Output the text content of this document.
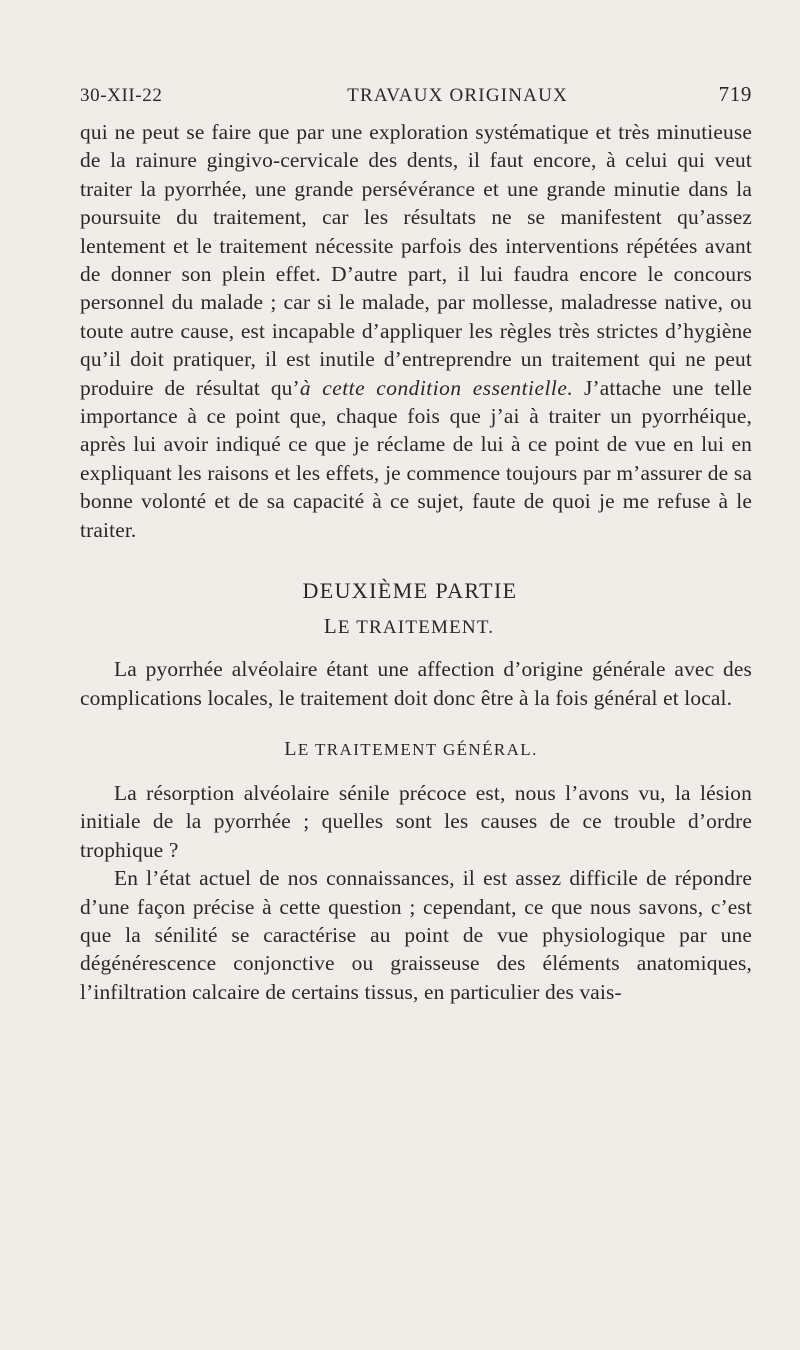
30-XII-22	TRAVAUX ORIGINAUX	719

qui ne peut se faire que par une exploration systématique et très minutieuse de la rainure gingivo-cervicale des dents, il faut encore, à celui qui veut traiter la pyorrhée, une grande persévérance et une grande minutie dans la poursuite du traitement, car les résultats ne se manifestent qu’assez lentement et le traitement nécessite parfois des interventions répétées avant de donner son plein effet. D’autre part, il lui faudra encore le concours personnel du malade ; car si le malade, par mollesse, maladresse native, ou toute autre cause, est incapable d’appliquer les règles très strictes d’hygiène qu’il doit pratiquer, il est inutile d’entreprendre un traitement qui ne peut produire de résultat qu’à cette condition essentielle. J’attache une telle importance à ce point que, chaque fois que j’ai à traiter un pyorrhéique, après lui avoir indiqué ce que je réclame de lui à ce point de vue en lui en expliquant les raisons et les effets, je commence toujours par m’assurer de sa bonne volonté et de sa capacité à ce sujet, faute de quoi je me refuse à le traiter.

DEUXIÈME PARTIE
LE TRAITEMENT.

La pyorrhée alvéolaire étant une affection d’origine générale avec des complications locales, le traitement doit donc être à la fois général et local.

LE TRAITEMENT GÉNÉRAL.

La résorption alvéolaire sénile précoce est, nous l’avons vu, la lésion initiale de la pyorrhée ; quelles sont les causes de ce trouble d’ordre trophique ?

En l’état actuel de nos connaissances, il est assez difficile de répondre d’une façon précise à cette question ; cependant, ce que nous savons, c’est que la sénilité se caractérise au point de vue physiologique par une dégénérescence conjonctive ou graisseuse des éléments anatomiques, l’infiltration calcaire de certains tissus, en particulier des vais-
